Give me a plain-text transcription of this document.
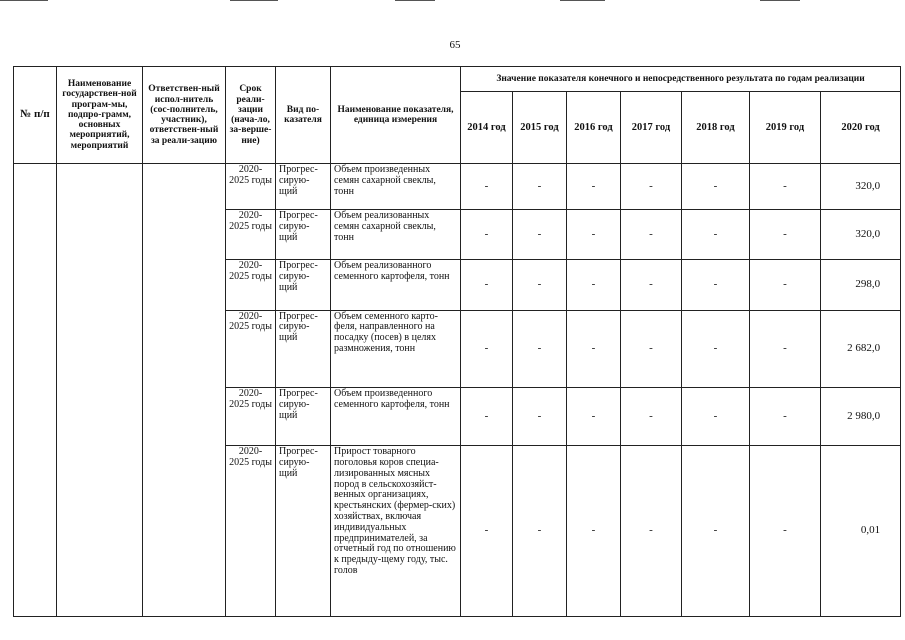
65
№ п/п	Наименование государствен-ной програм-мы, подпро-грамм, основных мероприятий, мероприятий	Ответствен-ный испол-нитель (сос-полнитель, участник), ответствен-ный за реали-зацию	Срок реали-зации (нача-ло, за-верше-ние)	Вид по-казателя	Наименование показателя, единица измерения	Значение показателя конечного и непосредственного результата по годам реализации						
						2014 год	2015 год	2016 год	2017 год	2018 год	2019 год	2020 год
			2020-2025 годы	Прогрес-сирую-щий	Объем произведенных семян сахарной свеклы, тонн	-	-	-	-	-	-	320,0
			2020-2025 годы	Прогрес-сирую-щий	Объем реализованных семян сахарной свеклы, тонн	-	-	-	-	-	-	320,0
			2020-2025 годы	Прогрес-сирую-щий	Объем реализованного семенного картофеля, тонн	-	-	-	-	-	-	298,0
			2020-2025 годы	Прогрес-сирую-щий	Объем семенного карто-феля, направленного на посадку (посев) в целях размножения, тонн	-	-	-	-	-	-	2 682,0
			2020-2025 годы	Прогрес-сирую-щий	Объем произведенного семенного картофеля, тонн	-	-	-	-	-	-	2 980,0
			2020-2025 годы	Прогрес-сирую-щий	Прирост товарного поголовья коров специа-лизированных мясных пород в сельскохозяйст-венных организациях, крестьянских (фермер-ских) хозяйствах, включая индивидуальных предпринимателей, за отчетный год по отношению к предыду-щему году, тыс. голов	-	-	-	-	-	-	0,01
